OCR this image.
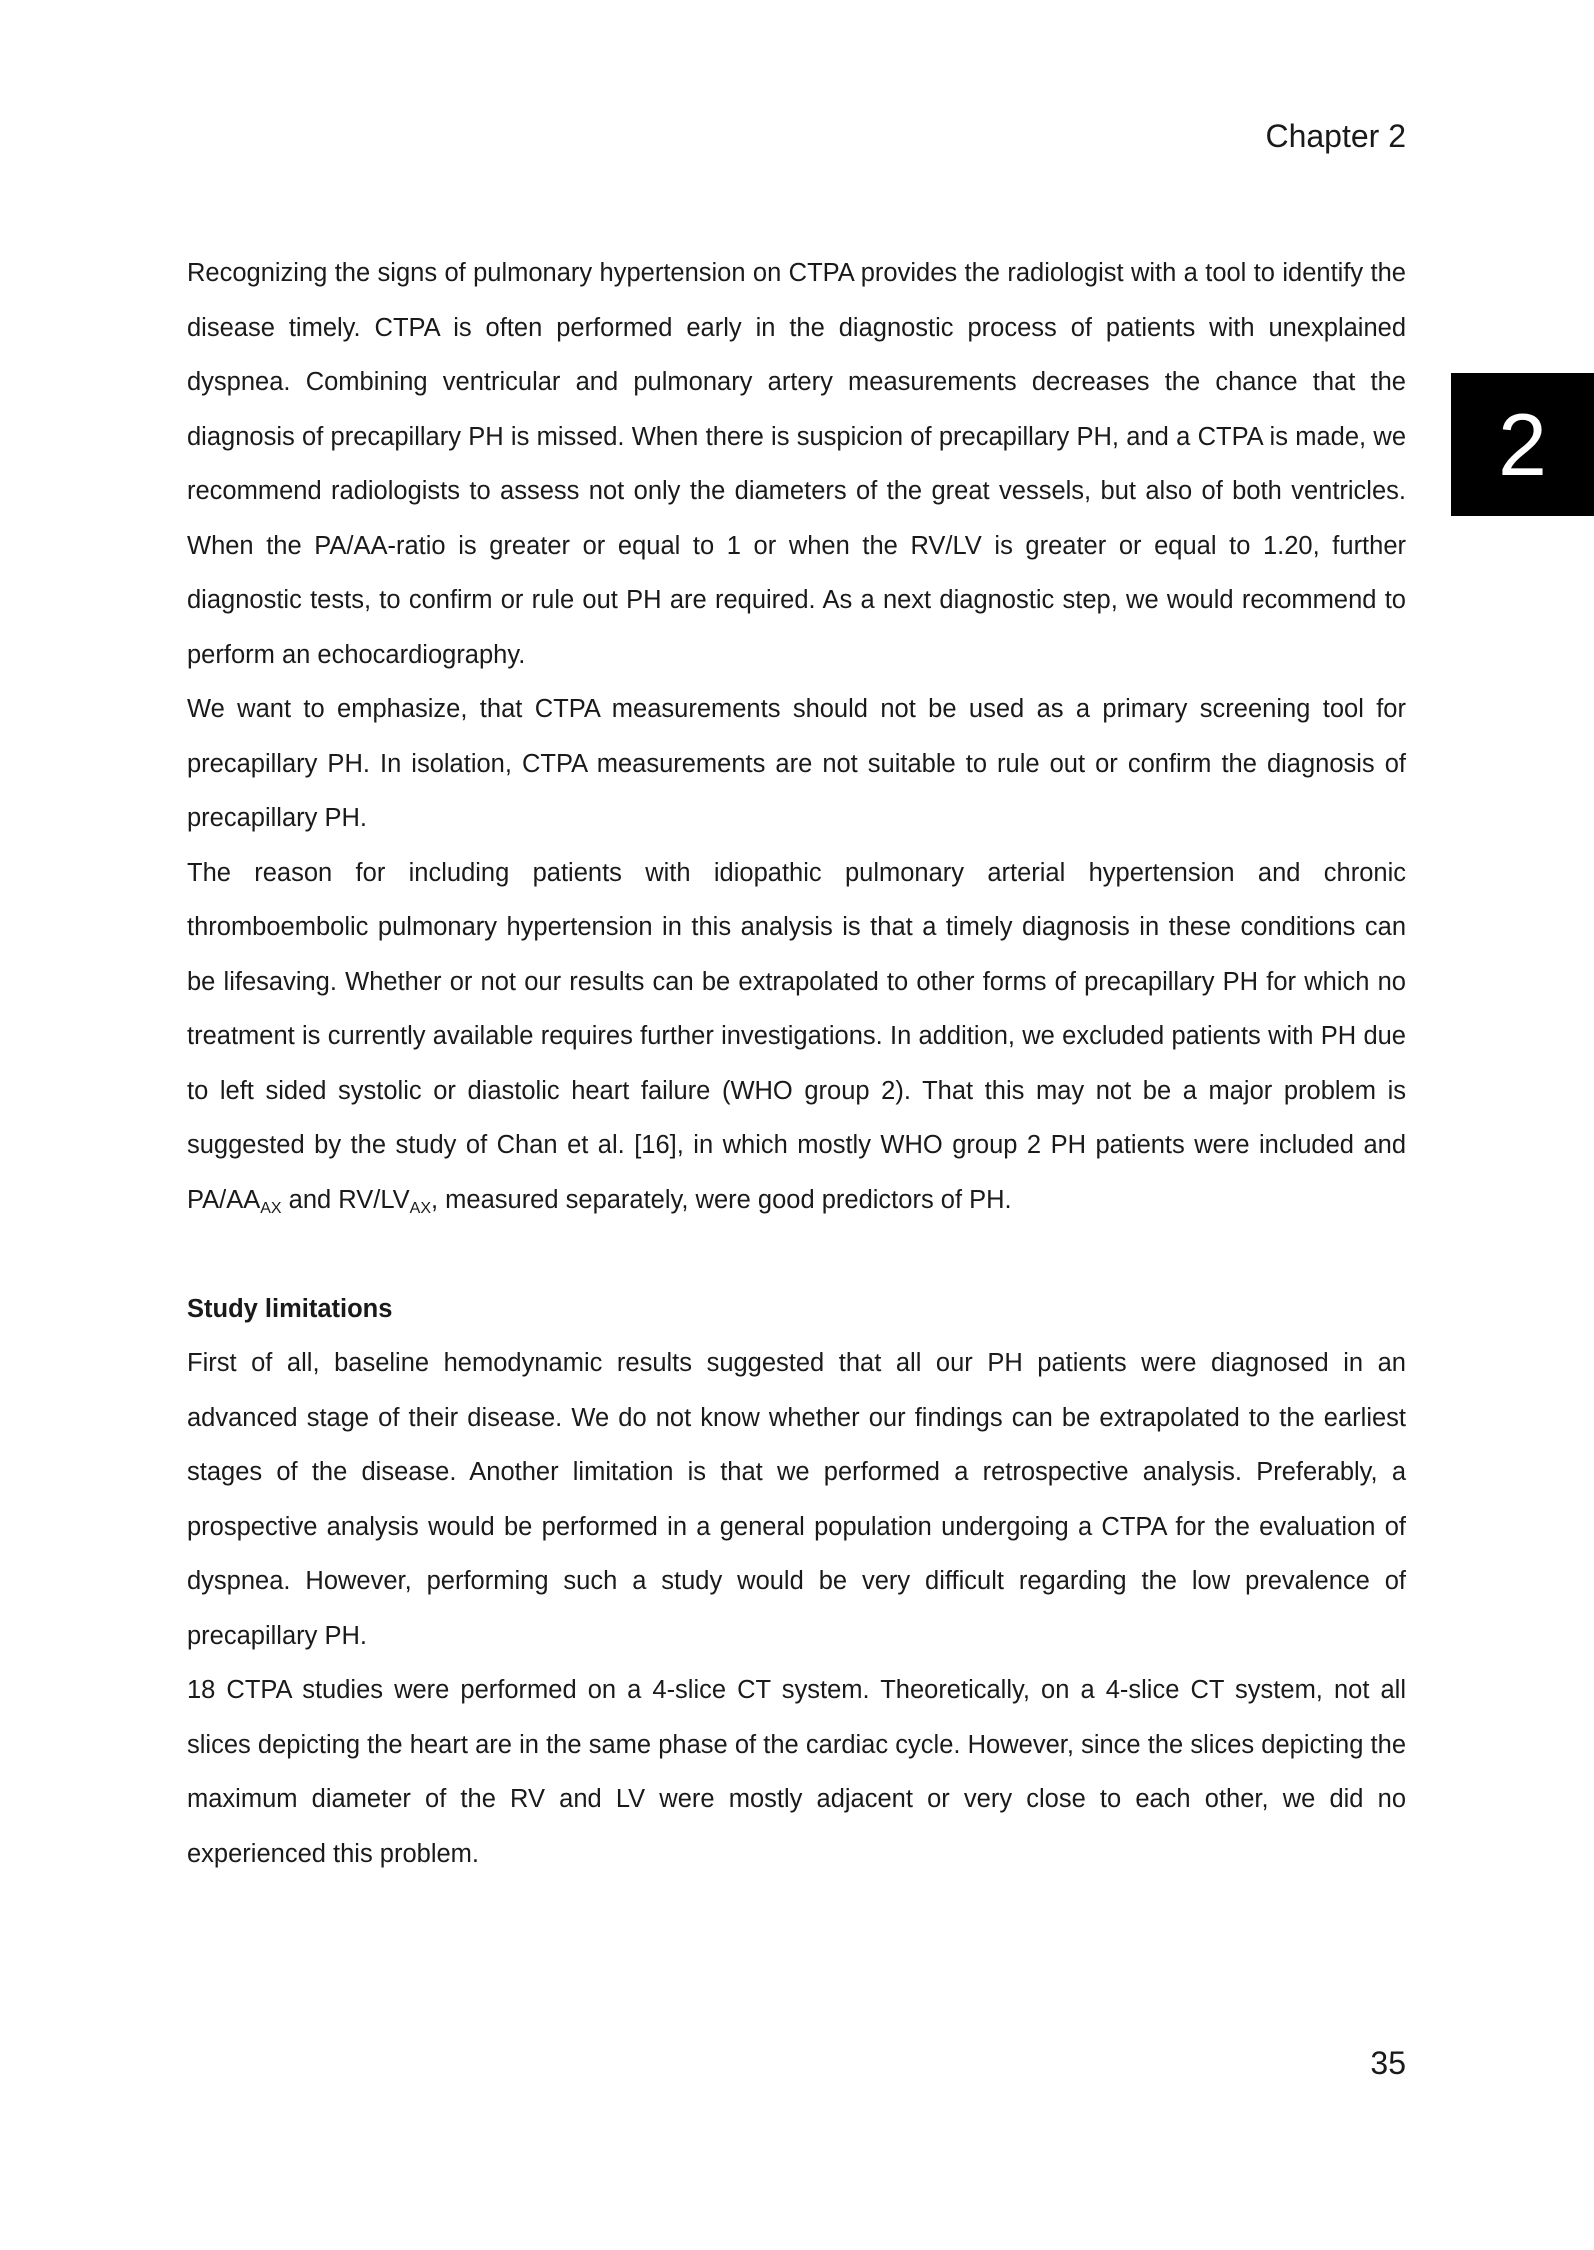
Chapter 2
2

Recognizing the signs of pulmonary hypertension on CTPA provides the radiologist with a tool to identify the disease timely. CTPA is often performed early in the diagnostic process of patients with unexplained dyspnea. Combining ventricular and pulmonary artery measurements decreases the chance that the diagnosis of precapillary PH is missed. When there is suspicion of precapillary PH, and a CTPA is made, we recommend radiologists to assess not only the diameters of the great vessels, but also of both ventricles. When the PA/AA-ratio is greater or equal to 1 or when the RV/LV is greater or equal to 1.20, further diagnostic tests, to confirm or rule out PH are required. As a next diagnostic step, we would recommend to perform an echocardiography.

We want to emphasize, that CTPA measurements should not be used as a primary screening tool for precapillary PH. In isolation, CTPA measurements are not suitable to rule out or confirm the diagnosis of precapillary PH.

The reason for including patients with idiopathic pulmonary arterial hypertension and chronic thromboembolic pulmonary hypertension in this analysis is that a timely diagnosis in these conditions can be lifesaving. Whether or not our results can be extrapolated to other forms of precapillary PH for which no treatment is currently available requires further investigations. In addition, we excluded patients with PH due to left sided systolic or diastolic heart failure (WHO group 2). That this may not be a major problem is suggested by the study of Chan et al. [16], in which mostly WHO group 2 PH patients were included and $PA/AA_{AX}$ and $RV/LV_{AX}$, measured separately, were good predictors of PH.

Study limitations

First of all, baseline hemodynamic results suggested that all our PH patients were diagnosed in an advanced stage of their disease. We do not know whether our findings can be extrapolated to the earliest stages of the disease. Another limitation is that we performed a retrospective analysis. Preferably, a prospective analysis would be performed in a general population undergoing a CTPA for the evaluation of dyspnea. However, performing such a study would be very difficult regarding the low prevalence of precapillary PH.

18 CTPA studies were performed on a 4-slice CT system. Theoretically, on a 4-slice CT system, not all slices depicting the heart are in the same phase of the cardiac cycle. However, since the slices depicting the maximum diameter of the RV and LV were mostly adjacent or very close to each other, we did no experienced this problem.

35
